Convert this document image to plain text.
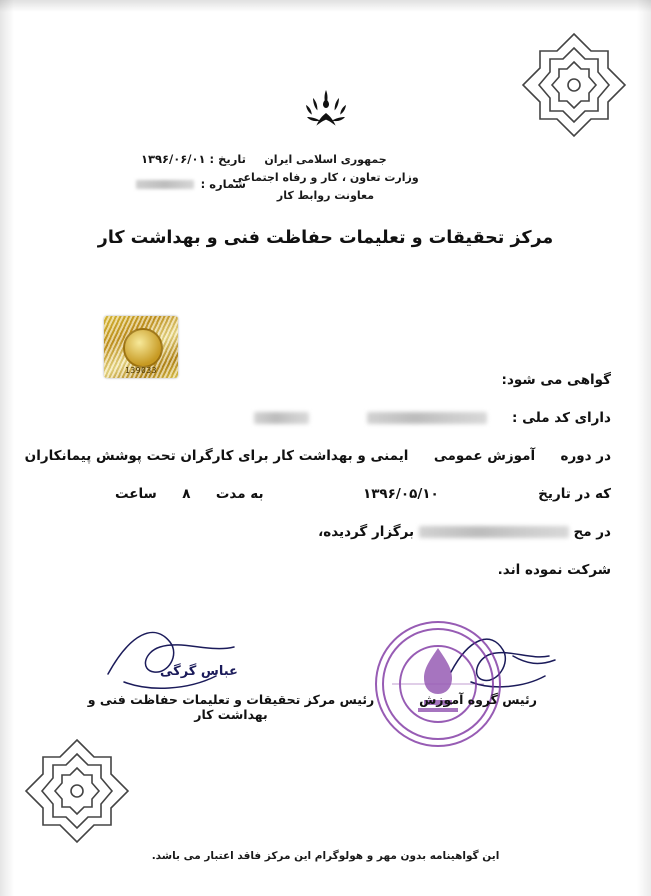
جمهوری اسلامی ایران
وزارت تعاون ، کار و رفاه اجتماعی
معاونت روابط کار
تاریخ : ۱۳۹۶/۰۶/۰۱
شماره :
مرکز تحقیقات و تعلیمات حفاظت فنی و بهداشت کار
139033
گواهی می شود:
دارای کد ملی :
در دوره  آموزش عمومی  ایمنی و بهداشت کار برای کارگران تحت پوشش پیمانکاران
که در تاریخ  ۱۳۹۶/۰۵/۱۰  به مدت  ۸  ساعت
در مح  برگزار گردیده،
شرکت نموده اند.
عباس گرگی
رئیس گروه آموزش
رئیس مرکز تحقیقات و تعلیمات حفاظت فنی و بهداشت کار
این گواهینامه بدون مهر و هولوگرام این مرکز فاقد اعتبار می باشد.
